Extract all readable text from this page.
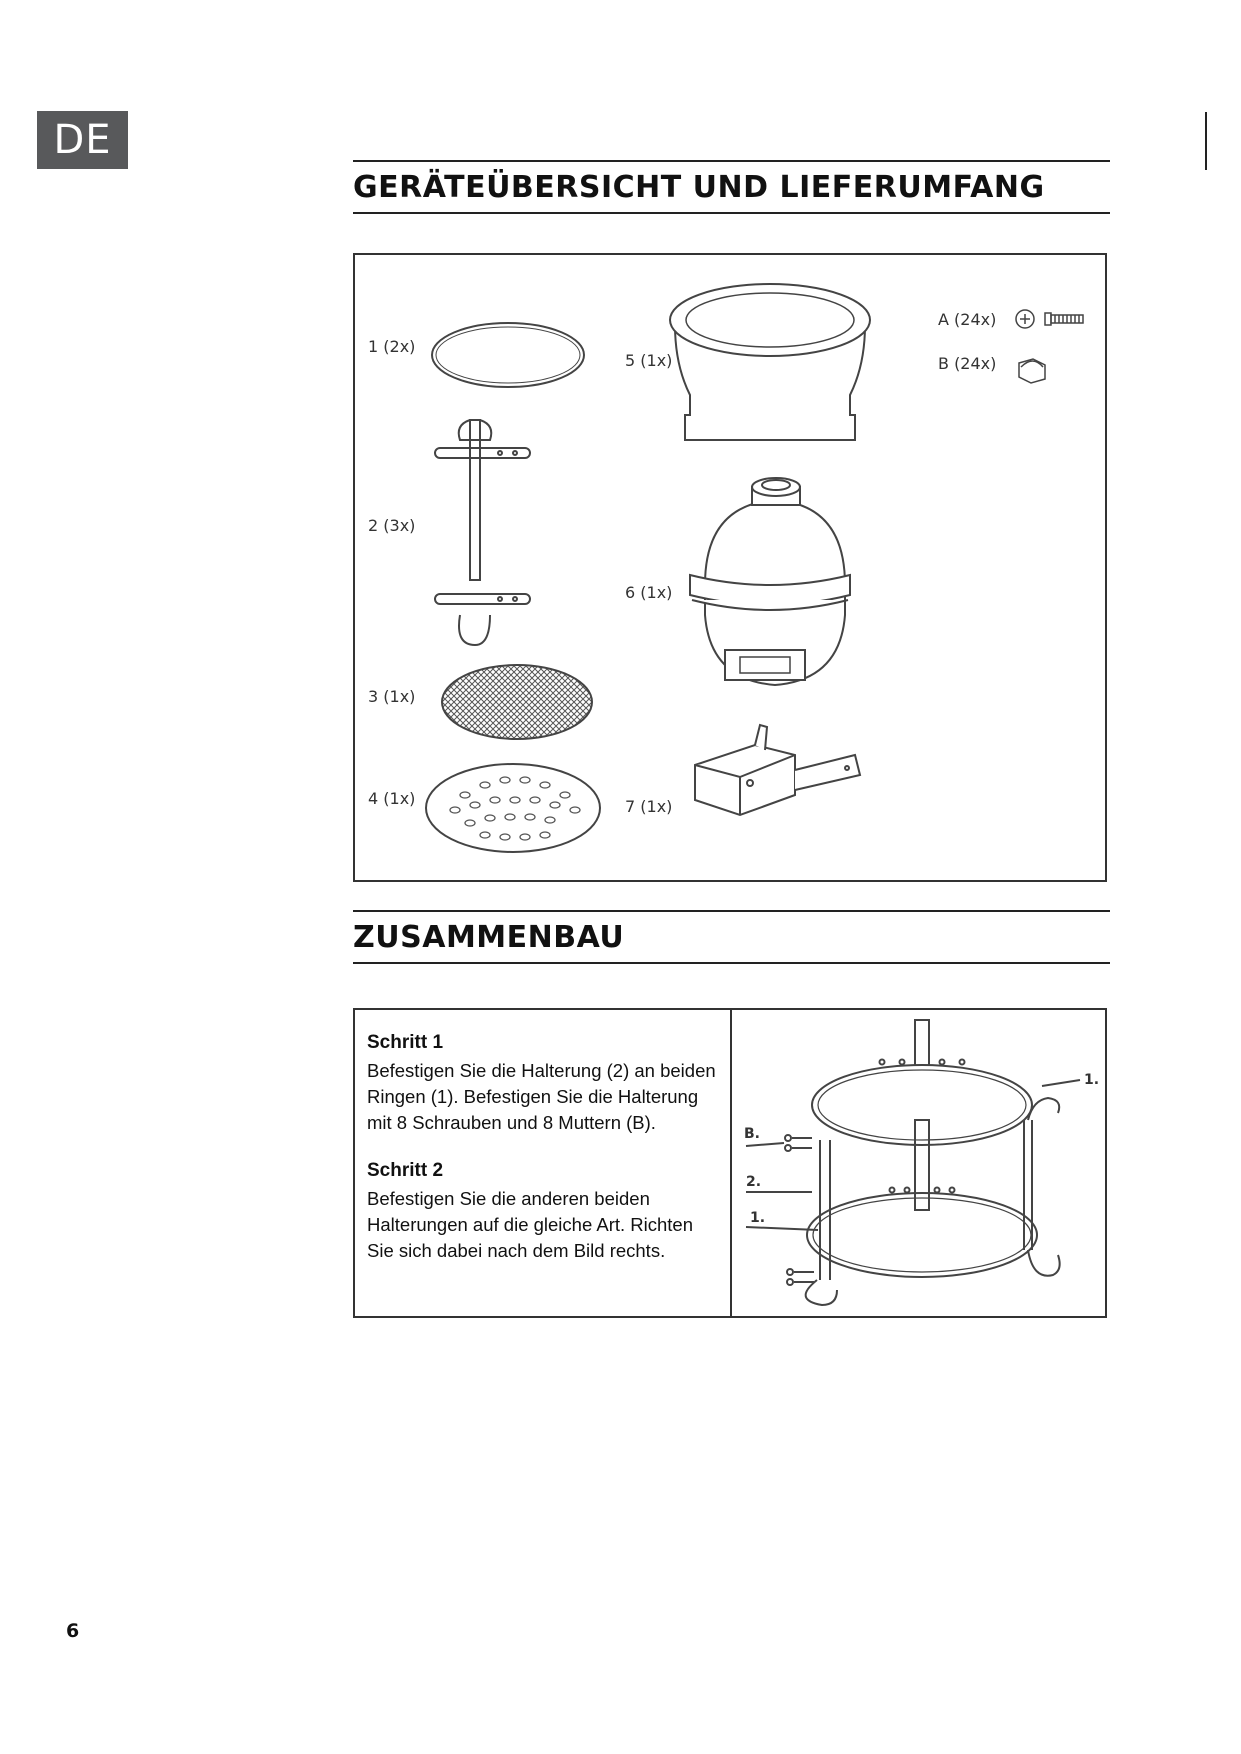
DE
GERÄTEÜBERSICHT UND LIEFERUMFANG
1 (2x)
2 (3x)
3 (1x)
4 (1x)
5 (1x)
6 (1x)
7 (1x)
A (24x)
B (24x)
ZUSAMMENBAU

Schritt 1

Befestigen Sie die Halterung (2) an beiden Ringen (1). Befestigen Sie die Halterung mit 8 Schrauben und 8 Muttern (B).

Schritt 2

Befestigen Sie die anderen beiden Halterungen auf die gleiche Art. Richten Sie sich dabei nach dem Bild rechts.

1.
B.
2.
1.
6
